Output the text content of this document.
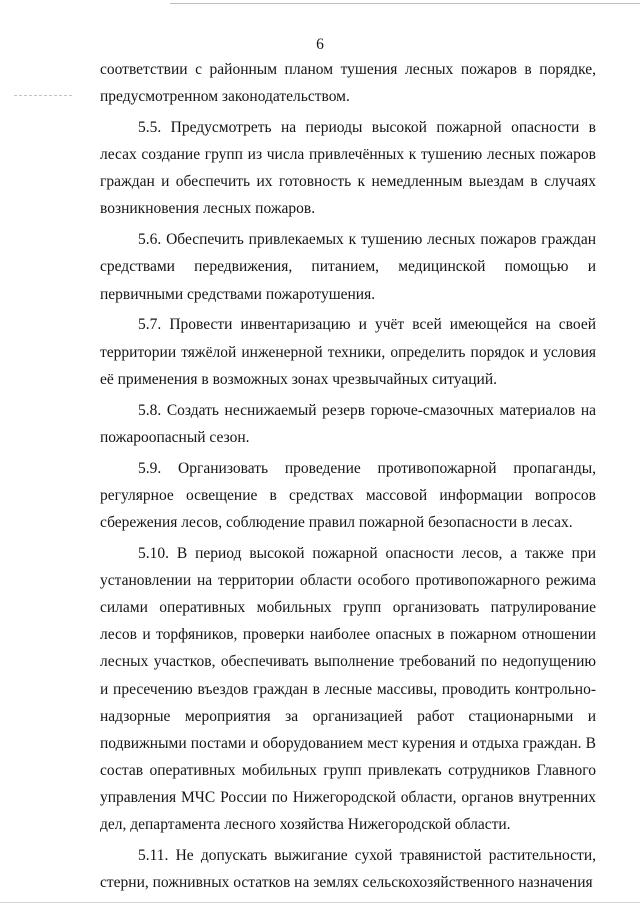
6

соответствии с районным планом тушения лесных пожаров в порядке, предусмотренном законодательством.

5.5. Предусмотреть на периоды высокой пожарной опасности в лесах создание групп из числа привлечённых к тушению лесных пожаров граждан и обеспечить их готовность к немедленным выездам в случаях возникновения лесных пожаров.

5.6. Обеспечить привлекаемых к тушению лесных пожаров граждан средствами передвижения, питанием, медицинской помощью и первичными средствами пожаротушения.

5.7. Провести инвентаризацию и учёт всей имеющейся на своей территории тяжёлой инженерной техники, определить порядок и условия её применения в возможных зонах чрезвычайных ситуаций.

5.8. Создать неснижаемый резерв горюче-смазочных материалов на пожароопасный сезон.

5.9. Организовать проведение противопожарной пропаганды, регулярное освещение в средствах массовой информации вопросов сбережения лесов, соблюдение правил пожарной безопасности в лесах.

5.10. В период высокой пожарной опасности лесов, а также при установлении на территории области особого противопожарного режима силами оперативных мобильных групп организовать патрулирование лесов и торфяников, проверки наиболее опасных в пожарном отношении лесных участков, обеспечивать выполнение требований по недопущению и пресечению въездов граждан в лесные массивы, проводить контрольно-надзорные мероприятия за организацией работ стационарными и подвижными постами и оборудованием мест курения и отдыха граждан. В состав оперативных мобильных групп привлекать сотрудников Главного управления МЧС России по Нижегородской области, органов внутренних дел, департамента лесного хозяйства Нижегородской области.

5.11. Не допускать выжигание сухой травянистой растительности, стерни, пожнивных остатков на землях сельскохозяйственного назначения
